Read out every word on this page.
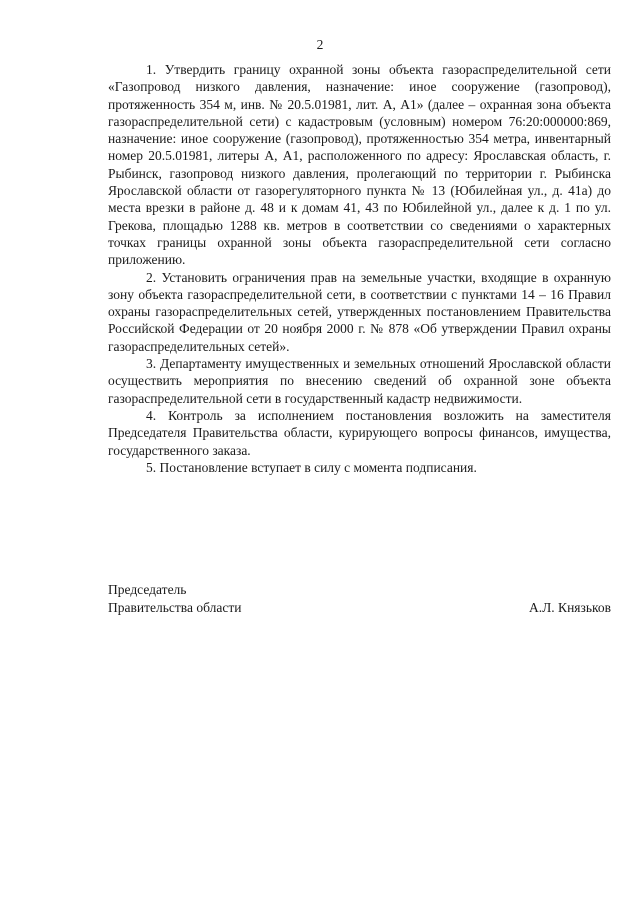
2

1. Утвердить границу охранной зоны объекта газораспределительной сети «Газопровод низкого давления, назначение: иное сооружение (газопровод), протяженность 354 м, инв. № 20.5.01981, лит. А, А1» (далее – охранная зона объекта газораспределительной сети) с кадастровым (условным) номером 76:20:000000:869, назначение: иное сооружение (газопровод), протяженностью 354 метра, инвентарный номер 20.5.01981, литеры А, А1, расположенного по адресу: Ярославская область, г. Рыбинск, газопровод низкого давления, пролегающий по территории г. Рыбинска Ярославской области от газорегуляторного пункта № 13 (Юбилейная ул., д. 41а) до места врезки в районе д. 48 и к домам 41, 43 по Юбилейной ул., далее к д. 1 по ул. Грекова, площадью 1288 кв. метров в соответствии со сведениями о характерных точках границы охранной зоны объекта газораспределительной сети согласно приложению.

2. Установить ограничения прав на земельные участки, входящие в охранную зону объекта газораспределительной сети, в соответствии с пунктами 14 – 16 Правил охраны газораспределительных сетей, утвержденных постановлением Правительства Российской Федерации от 20 ноября 2000 г. № 878 «Об утверждении Правил охраны газораспределительных сетей».

3. Департаменту имущественных и земельных отношений Ярославской области осуществить мероприятия по внесению сведений об охранной зоне объекта газораспределительной сети в государственный кадастр недвижимости.

4. Контроль за исполнением постановления возложить на заместителя Председателя Правительства области, курирующего вопросы финансов, имущества, государственного заказа.

5. Постановление вступает в силу с момента подписания.

Председатель
Правительства области	А.Л. Князьков
